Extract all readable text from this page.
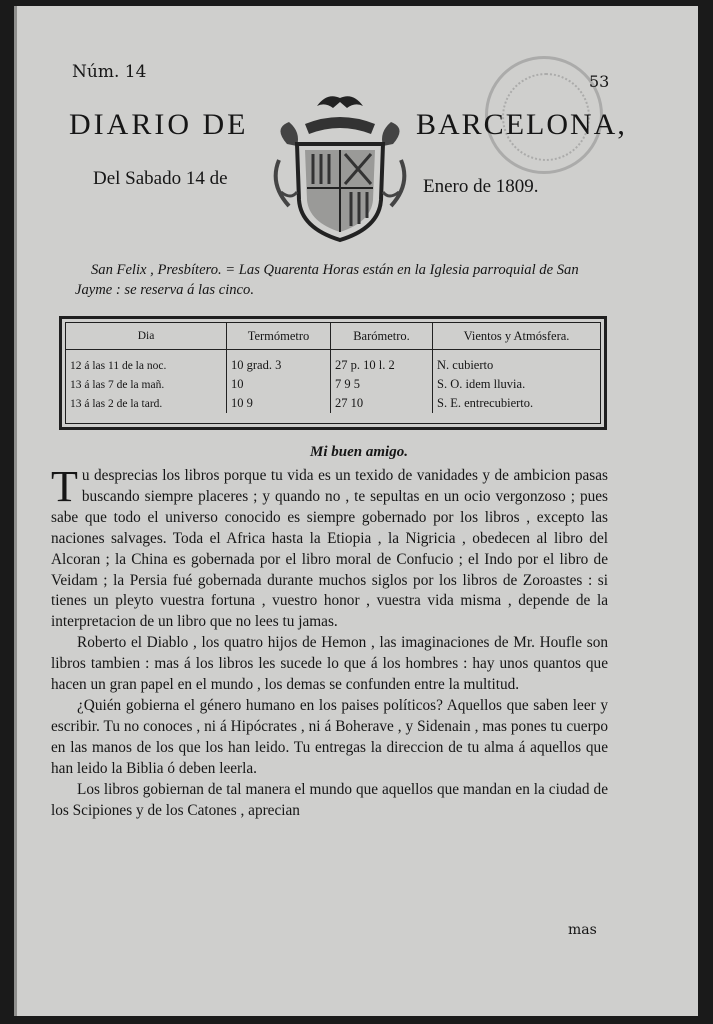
Núm. 14	53
DIARIO DE	BARCELONA,
Del Sabado 14 de	Enero de 1809.
San Felix , Presbítero. = Las Quarenta Horas están en la Iglesia parroquial de San Jayme : se reserva á las cinco.
Dia	Termómetro	Barómetro.	Vientos y Atmósfera.
12 á las 11 de la noc.	10 grad. 3	27 p. 10 l. 2	N. cubierto
13 á las 7 de la mañ.	10	7 9 5	S. O. idem lluvia.
13 á las 2 de la tard.	10 9	27 10	S. E. entrecubierto.
Mi buen amigo.

Tu desprecias los libros porque tu vida es un texido de vanidades y de ambicion pasas buscando siempre placeres ; y quando no , te sepultas en un ocio vergonzoso ; pues sabe que todo el universo conocido es siempre gobernado por los libros , excepto las naciones salvages. Toda el Africa hasta la Etiopia , la Nigricia , obedecen al libro del Alcoran ; la China es gobernada por el libro moral de Confucio ; el Indo por el libro de Veidam ; la Persia fué gobernada durante muchos siglos por los libros de Zoroastes : si tienes un pleyto vuestra fortuna , vuestro honor , vuestra vida misma , depende de la interpretacion de un libro que no lees tu jamas.

Roberto el Diablo , los quatro hijos de Hemon , las imaginaciones de Mr. Houfle son libros tambien : mas á los libros les sucede lo que á los hombres : hay unos quantos que hacen un gran papel en el mundo , los demas se confunden entre la multitud.

¿Quién gobierna el género humano en los paises políticos? Aquellos que saben leer y escribir. Tu no conoces , ni á Hipócrates , ni á Boherave , y Sidenain , mas pones tu cuerpo en las manos de los que los han leido. Tu entregas la direccion de tu alma á aquellos que han leido la Biblia ó deben leerla.

Los libros gobiernan de tal manera el mundo que aquellos que mandan en la ciudad de los Scipiones y de los Catones , aprecian

mas
